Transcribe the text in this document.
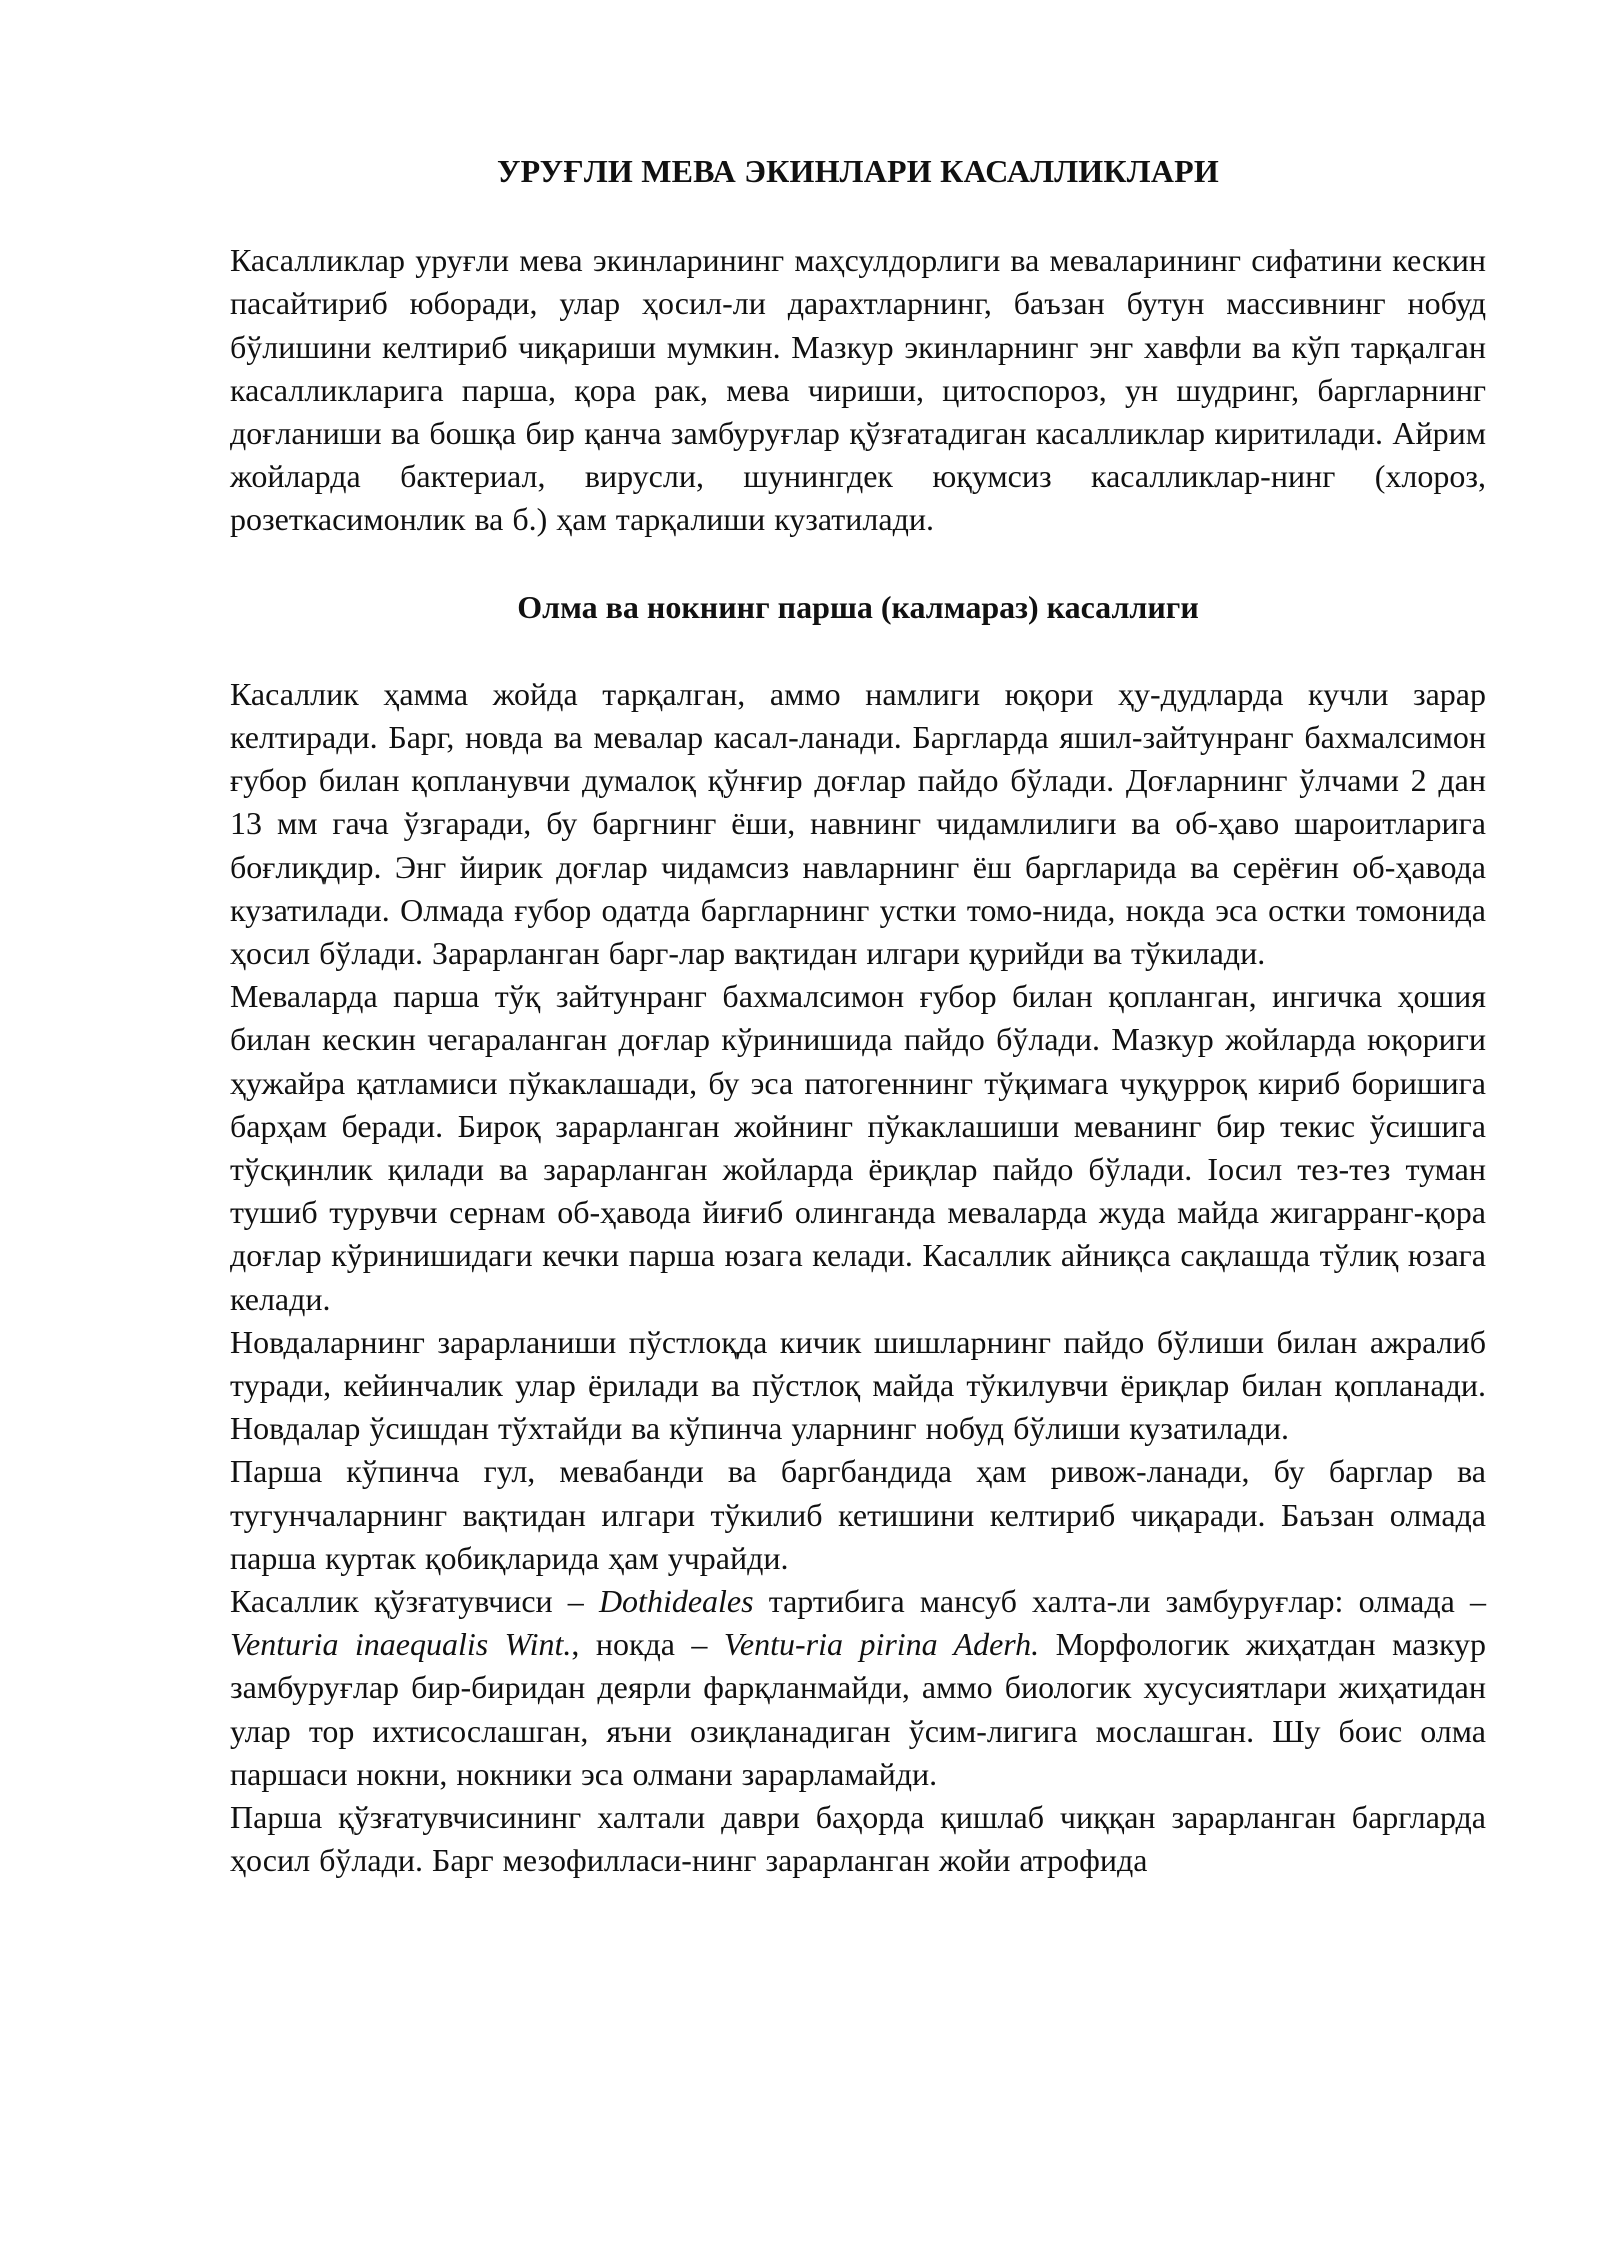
УРУҒЛИ МЕВА ЭКИНЛАРИ КАСАЛЛИКЛАРИ

Касалликлар уруғли мева экинларининг маҳсулдорлиги ва меваларининг сифатини кескин пасайтириб юборади, улар ҳосил-ли дарахтларнинг, баъзан бутун массивнинг нобуд бўлишини келтириб чиқариши мумкин. Мазкур экинларнинг энг хавфли ва кўп тарқалган касалликларига парша, қора рак, мева чириши, цитоспороз, ун шудринг, баргларнинг доғланиши ва бошқа бир қанча замбуруғлар қўзғатадиган касалликлар киритилади. Айрим жойларда бактериал, вирусли, шунингдек юқумсиз касалликлар-нинг (хлороз, розеткасимонлик ва б.) ҳам тарқалиши кузатилади.

Олма ва нокнинг парша (калмараз) касаллиги

Касаллик ҳамма жойда тарқалган, аммо намлиги юқори ҳу-дудларда кучли зарар келтиради. Барг, новда ва мевалар касал-ланади. Баргларда яшил-зайтунранг бахмалсимон ғубор билан қопланувчи думалоқ қўнғир доғлар пайдо бўлади. Доғларнинг ўлчами 2 дан 13 мм гача ўзгаради, бу баргнинг ёши, навнинг чидамлилиги ва об-ҳаво шароитларига боғлиқдир. Энг йирик доғлар чидамсиз навларнинг ёш баргларида ва серёғин об-ҳавода кузатилади. Олмада ғубор одатда баргларнинг устки томо-нида, нокда эса остки томонида ҳосил бўлади. Зарарланган барг-лар вақтидан илгари қурийди ва тўкилади.

Меваларда парша тўқ зайтунранг бахмалсимон ғубор билан қопланган, ингичка ҳошия билан кескин чегараланган доғлар кўринишида пайдо бўлади. Мазкур жойларда юқориги ҳужайра қатламиси пўкаклашади, бу эса патогеннинг тўқимага чуқурроқ кириб боришига барҳам беради. Бироқ зарарланган жойнинг пўкаклашиши меванинг бир текис ўсишига тўсқинлик қилади ва зарарланган жойларда ёриқлар пайдо бўлади. Іосил тез-тез туман тушиб турувчи сернам об-ҳавода йиғиб олинганда меваларда жуда майда жигарранг-қора доғлар кўринишидаги кечки парша юзага келади. Касаллик айниқса сақлашда тўлиқ юзага келади.

Новдаларнинг зарарланиши пўстлоқда кичик шишларнинг пайдо бўлиши билан ажралиб туради, кейинчалик улар ёрилади ва пўстлоқ майда тўкилувчи ёриқлар билан қопланади. Новдалар ўсишдан тўхтайди ва кўпинча уларнинг нобуд бўлиши кузатилади.

Парша кўпинча гул, мевабанди ва баргбандида ҳам ривож-ланади, бу барглар ва тугунчаларнинг вақтидан илгари тўкилиб кетишини келтириб чиқаради. Баъзан олмада парша куртак қобиқларида ҳам учрайди.

Касаллик қўзғатувчиси – Dothideales тартибига мансуб халта-ли замбуруғлар: олмада – Venturia inaequalis Wint., нокда – Ventu-ria pirina Aderh. Морфологик жиҳатдан мазкур замбуруғлар бир-биридан деярли фарқланмайди, аммо биологик хусусиятлари жиҳатидан улар тор ихтисослашган, яъни озиқланадиган ўсим-лигига мослашган. Шу боис олма паршаси нокни, нокники эса олмани зарарламайди.

Парша қўзғатувчисининг халтали даври баҳорда қишлаб чиққан зарарланган баргларда ҳосил бўлади. Барг мезофилласи-нинг зарарланган жойи атрофида
